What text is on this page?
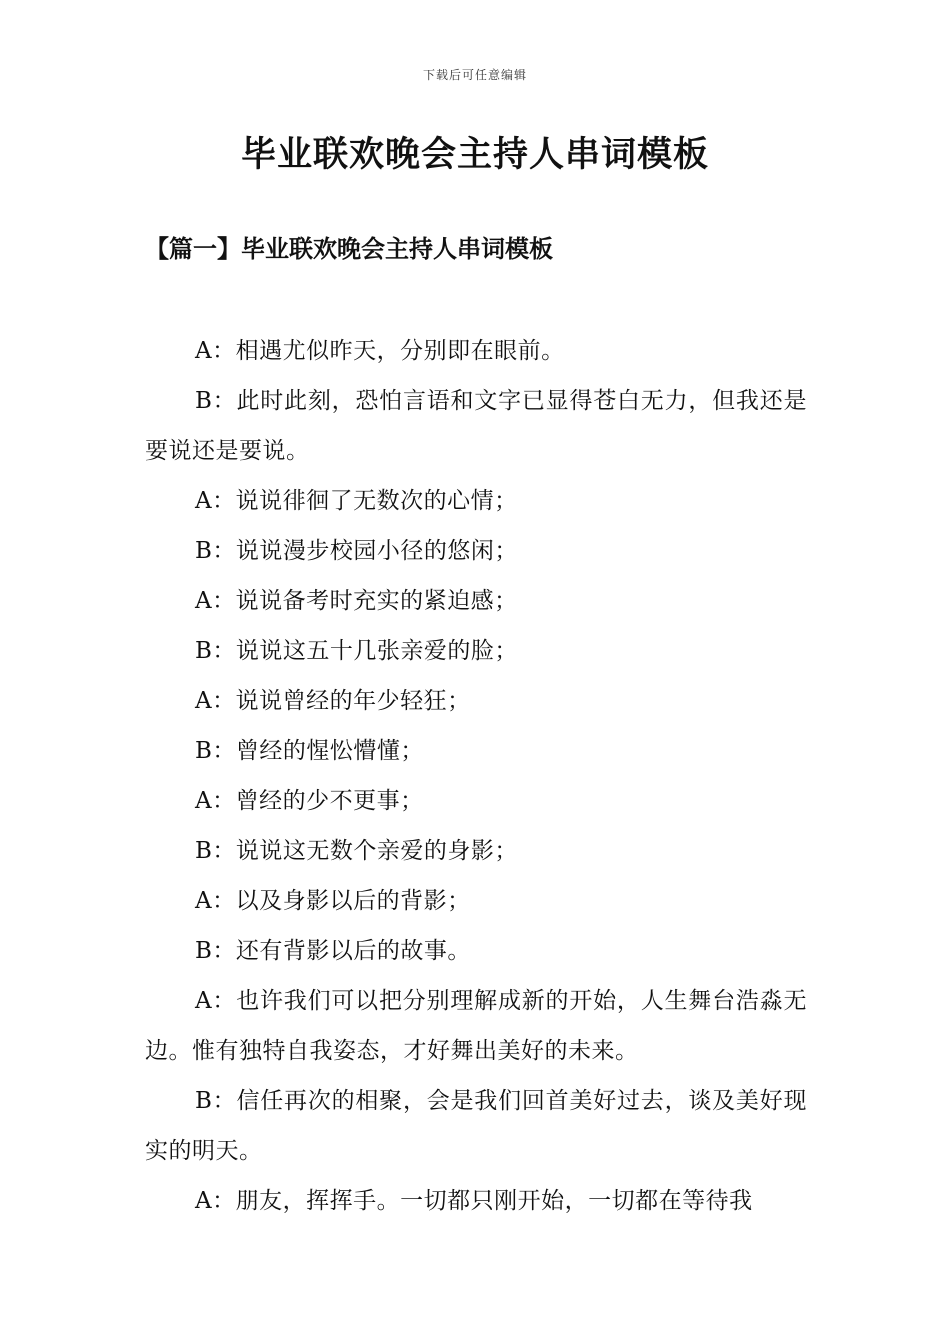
下载后可任意编辑
毕业联欢晚会主持人串词模板
【篇一】毕业联欢晚会主持人串词模板

A：相遇尤似昨天，分别即在眼前。

B：此时此刻，恐怕言语和文字已显得苍白无力，但我还是要说还是要说。

A：说说徘徊了无数次的心情；

B：说说漫步校园小径的悠闲；

A：说说备考时充实的紧迫感；

B：说说这五十几张亲爱的脸；

A：说说曾经的年少轻狂；

B：曾经的惺忪懵懂；

A：曾经的少不更事；

B：说说这无数个亲爱的身影；

A：以及身影以后的背影；

B：还有背影以后的故事。

A：也许我们可以把分别理解成新的开始，人生舞台浩淼无边。惟有独特自我姿态，才好舞出美好的未来。

B：信任再次的相聚，会是我们回首美好过去，谈及美好现实的明天。

A：朋友，挥挥手。一切都只刚开始，一切都在等待我
